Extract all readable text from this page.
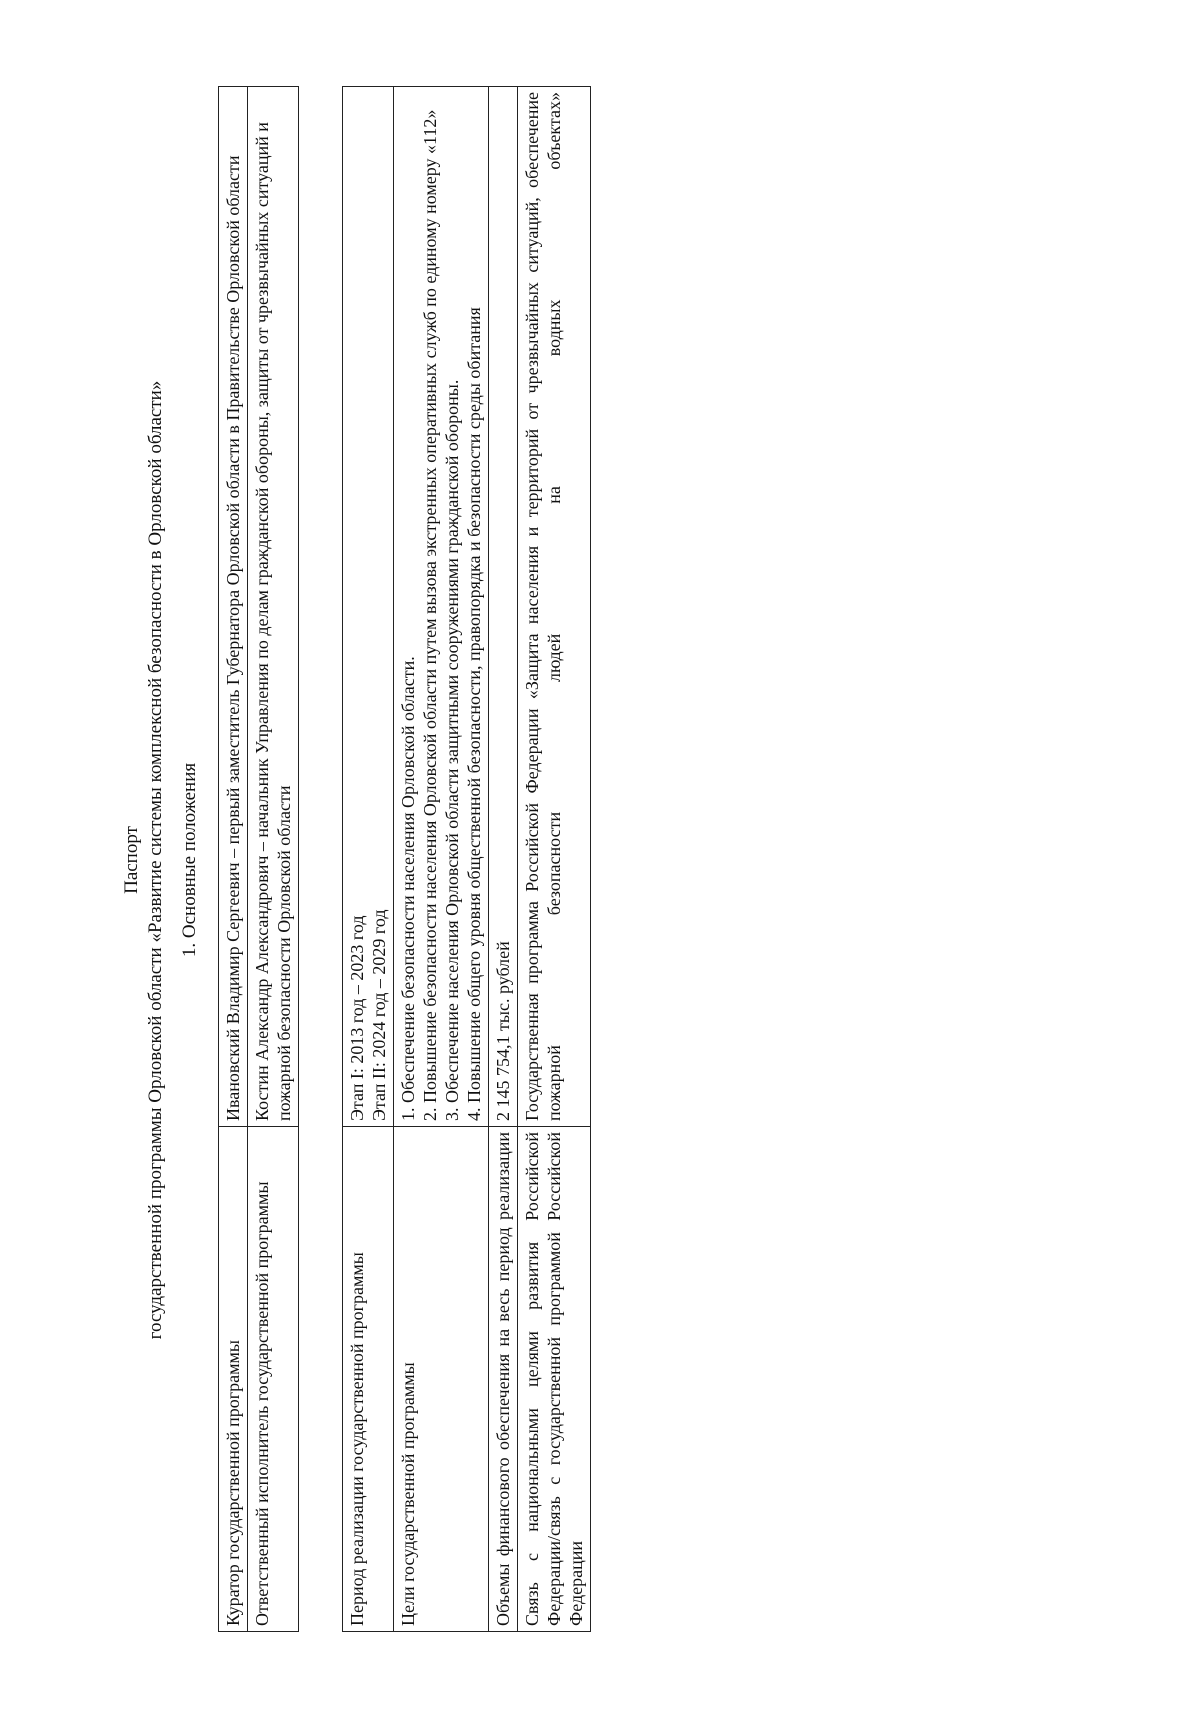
Паспорт государственной программы Орловской области «Развитие системы комплексной безопасности в Орловской области» 1. Основные положения
Куратор государственной программы	Ивановский Владимир Сергеевич – первый заместитель Губернатора Орловской области в Правительстве Орловской области
Ответственный исполнитель государственной программы	Костин Александр Александрович – начальник Управления по делам гражданской обороны, защиты от чрезвычайных ситуаций и пожарной безопасности Орловской области
Период реализации государственной программы	Этап I: 2013 год – 2023 год Этап II: 2024 год – 2029 год

Цели государственной программы	1. Обеспечение безопасности населения Орловской области. 2. Повышение безопасности населения Орловской области путем вызова экстренных оперативных служб по единому номеру «112» 3. Обеспечение населения Орловской области защитными сооружениями гражданской обороны. 4. Повышение общего уровня общественной безопасности, правопорядка и безопасности среды обитания

Объемы финансового обеспечения на весь период реализации	2 145 754,1 тыс. рублей
Связь с национальными целями развития Российской Федерации/связь с государственной программой Российской Федерации	Государственная программа Российской Федерации «Защита населения и территорий от чрезвычайных ситуаций, обеспечение пожарной безопасности людей на водных объектах»
